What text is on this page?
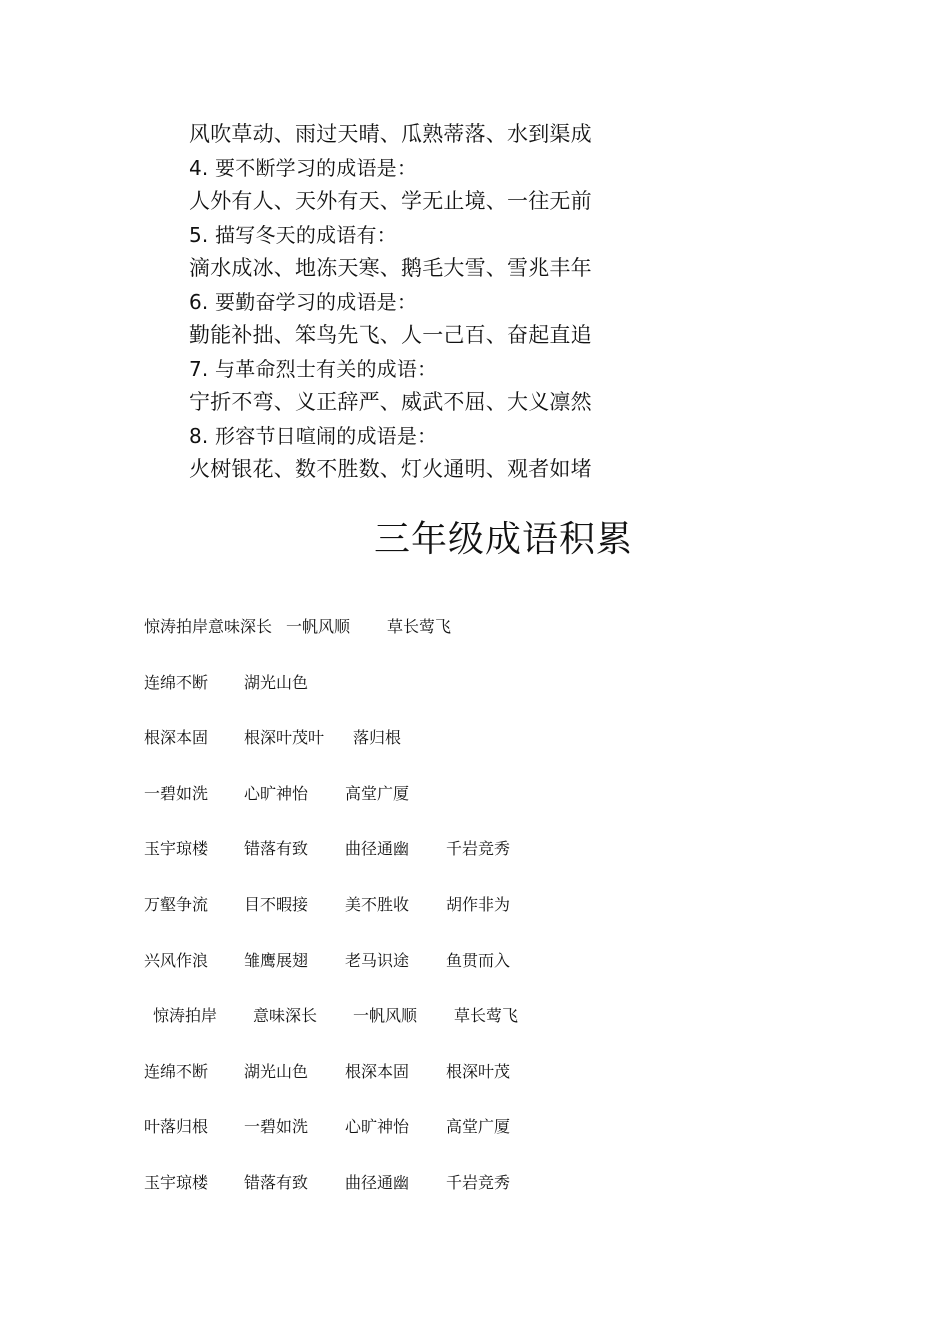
风吹草动、雨过天晴、瓜熟蒂落、水到渠成
4. 要不断学习的成语是：
人外有人、天外有天、学无止境、一往无前
5. 描写冬天的成语有：
滴水成冰、地冻天寒、鹅毛大雪、雪兆丰年
6. 要勤奋学习的成语是：
勤能补拙、笨鸟先飞、人一己百、奋起直追
7. 与革命烈士有关的成语：
宁折不弯、义正辞严、威武不屈、大义凛然
8. 形容节日喧闹的成语是：
火树银花、数不胜数、灯火通明、观者如堵
三年级成语积累
惊涛拍岸意味深长 一帆风顺 草长莺飞
连绵不断 湖光山色
根深本固 根深叶茂叶 落归根
一碧如洗 心旷神怡 高堂广厦
玉宇琼楼 错落有致 曲径通幽 千岩竞秀
万壑争流 目不暇接 美不胜收 胡作非为
兴风作浪 雏鹰展翅 老马识途 鱼贯而入
惊涛拍岸 意味深长 一帆风顺 草长莺飞
连绵不断 湖光山色 根深本固 根深叶茂
叶落归根 一碧如洗 心旷神怡 高堂广厦
玉宇琼楼 错落有致 曲径通幽 千岩竞秀
